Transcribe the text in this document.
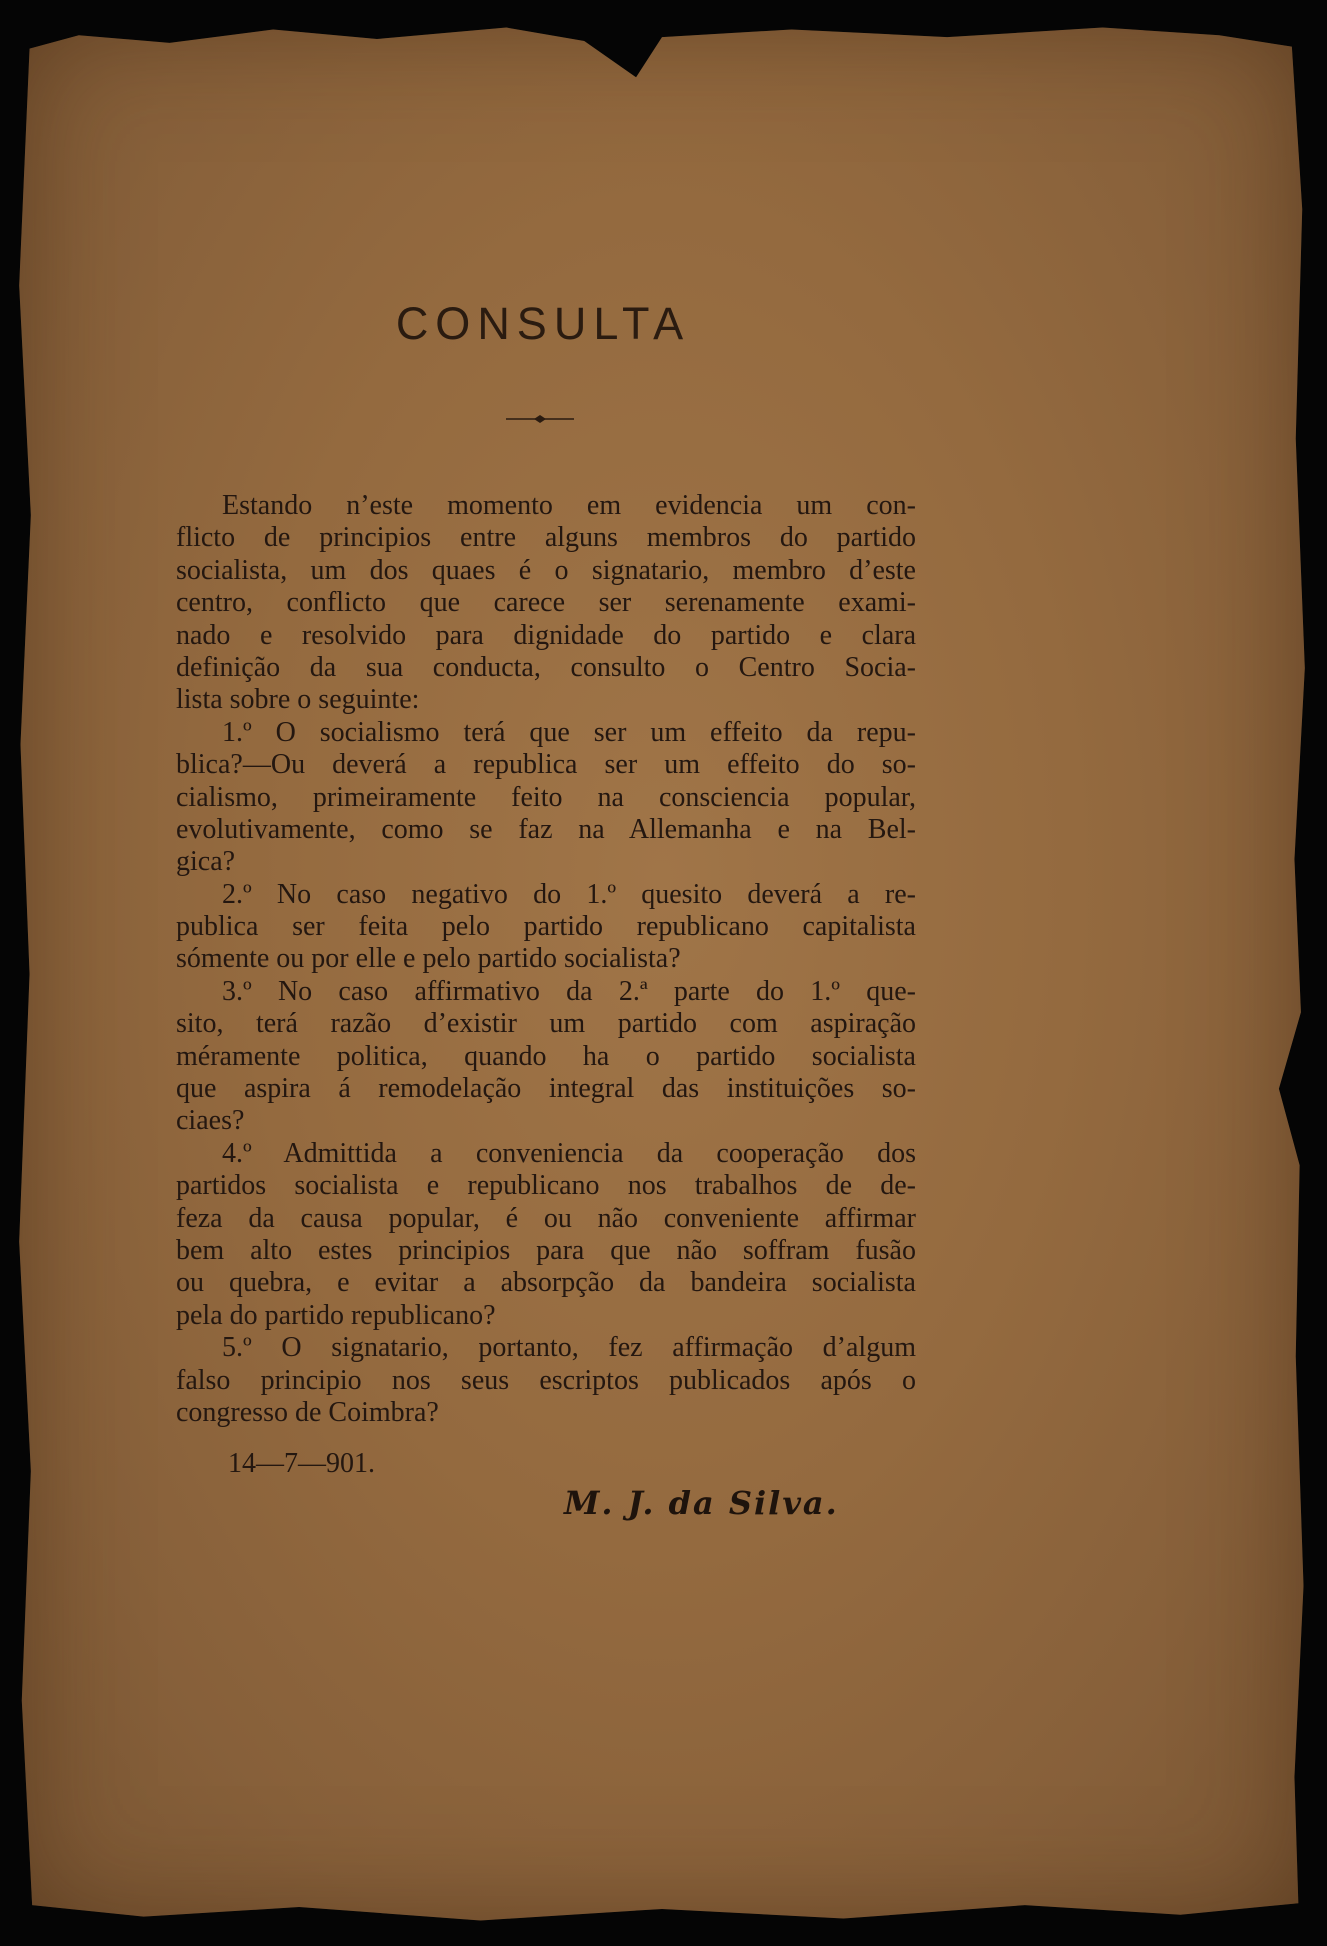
CONSULTA
Estando n’este momento em evidencia um con-
flicto de principios entre alguns membros do partido
socialista, um dos quaes é o signatario, membro d’este
centro, conflicto que carece ser serenamente exami-
nado e resolvido para dignidade do partido e clara
definição da sua conducta, consulto o Centro Socia-
lista sobre o seguinte:
1.º O socialismo terá que ser um effeito da repu-
blica?—Ou deverá a republica ser um effeito do so-
cialismo, primeiramente feito na consciencia popular,
evolutivamente, como se faz na Allemanha e na Bel-
gica?
2.º No caso negativo do 1.º quesito deverá a re-
publica ser feita pelo partido republicano capitalista
sómente ou por elle e pelo partido socialista?
3.º No caso affirmativo da 2.ª parte do 1.º que-
sito, terá razão d’existir um partido com aspiração
méramente politica, quando ha o partido socialista
que aspira á remodelação integral das instituições so-
ciaes?
4.º Admittida a conveniencia da cooperação dos
partidos socialista e republicano nos trabalhos de de-
feza da causa popular, é ou não conveniente affirmar
bem alto estes principios para que não soffram fusão
ou quebra, e evitar a absorpção da bandeira socialista
pela do partido republicano?
5.º O signatario, portanto, fez affirmação d’algum
falso principio nos seus escriptos publicados após o
congresso de Coimbra?
14—7—901.
M. J. da Silva.
